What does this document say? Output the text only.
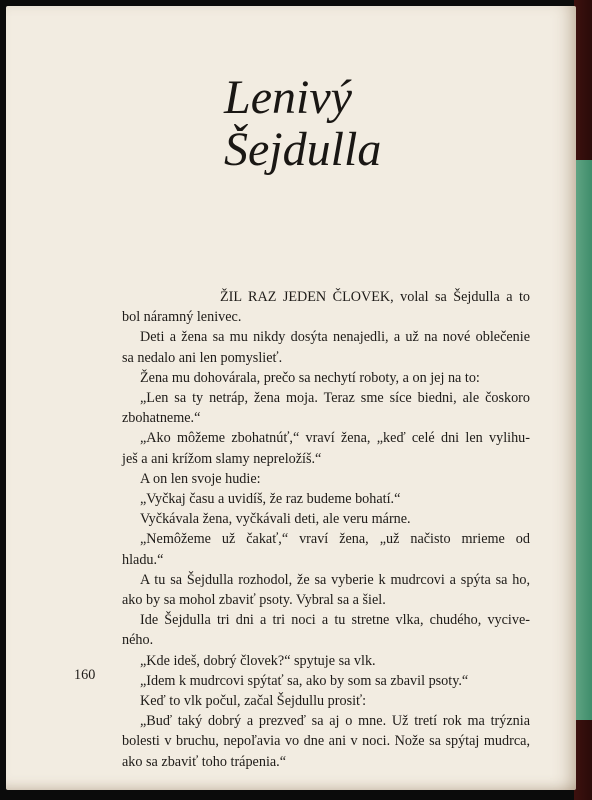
Lenivý
Šejdulla
ŽIL RAZ JEDEN ČLOVEK, volal sa Šejdulla a to
bol náramný lenivec.
Deti a žena sa mu nikdy dosýta nenajedli, a už na nové oblečenie
sa nedalo ani len pomyslieť.
Žena mu dohovárala, prečo sa nechytí roboty, a on jej na to:
„Len sa ty netráp, žena moja. Teraz sme síce biedni, ale čoskoro
zbohatneme.“
„Ako môžeme zbohatnúť,“ vraví žena, „keď celé dni len vylihu-
ješ a ani krížom slamy nepreložíš.“
A on len svoje hudie:
„Vyčkaj času a uvidíš, že raz budeme bohatí.“
Vyčkávala žena, vyčkávali deti, ale veru márne.
„Nemôžeme už čakať,“ vraví žena, „už načisto mrieme od
hladu.“
A tu sa Šejdulla rozhodol, že sa vyberie k mudrcovi a spýta sa ho,
ako by sa mohol zbaviť psoty. Vybral sa a šiel.
Ide Šejdulla tri dni a tri noci a tu stretne vlka, chudého, vycive-
ného.
„Kde ideš, dobrý človek?“ spytuje sa vlk.
„Idem k mudrcovi spýtať sa, ako by som sa zbavil psoty.“
Keď to vlk počul, začal Šejdullu prosiť:
„Buď taký dobrý a prezveď sa aj o mne. Už tretí rok ma trýznia
bolesti v bruchu, nepoľavia vo dne ani v noci. Nože sa spýtaj mudrca,
ako sa zbaviť toho trápenia.“
160
